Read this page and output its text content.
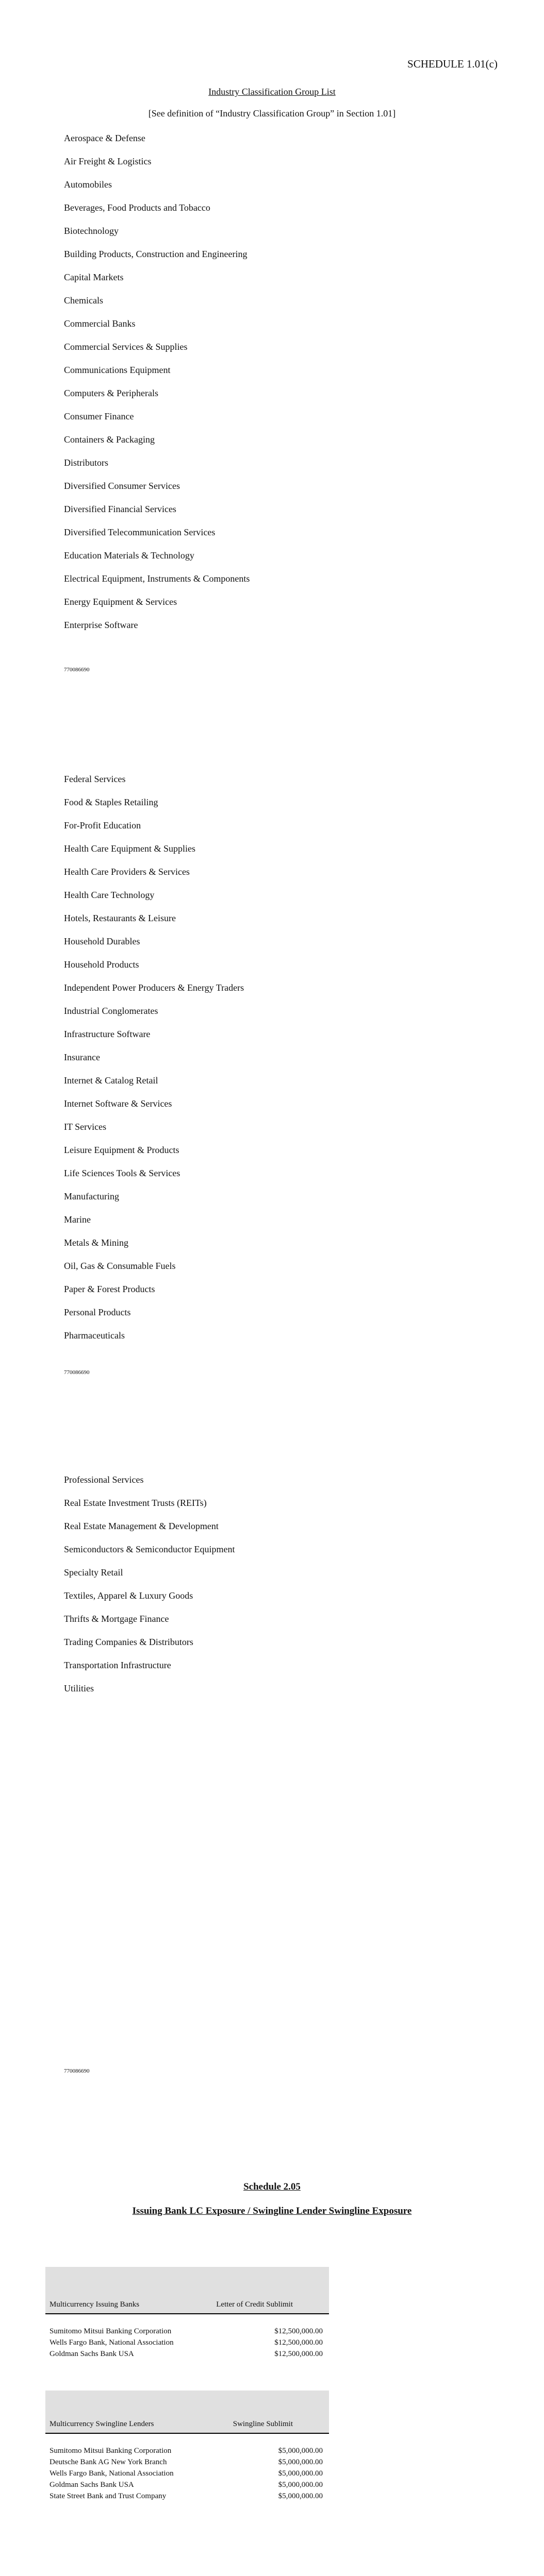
SCHEDULE 1.01(c)
Industry Classification Group List
[See definition of “Industry Classification Group” in Section 1.01]
Aerospace & Defense
Air Freight & Logistics
Automobiles
Beverages, Food Products and Tobacco
Biotechnology
Building Products, Construction and Engineering
Capital Markets
Chemicals
Commercial Banks
Commercial Services & Supplies
Communications Equipment
Computers & Peripherals
Consumer Finance
Containers & Packaging
Distributors
Diversified Consumer Services
Diversified Financial Services
Diversified Telecommunication Services
Education Materials & Technology
Electrical Equipment, Instruments & Components
Energy Equipment & Services
Enterprise Software
770086690
Federal Services
Food & Staples Retailing
For-Profit Education
Health Care Equipment & Supplies
Health Care Providers & Services
Health Care Technology
Hotels, Restaurants & Leisure
Household Durables
Household Products
Independent Power Producers & Energy Traders
Industrial Conglomerates
Infrastructure Software
Insurance
Internet & Catalog Retail
Internet Software & Services
IT Services
Leisure Equipment & Products
Life Sciences Tools & Services
Manufacturing
Marine
Metals & Mining
Oil, Gas & Consumable Fuels
Paper & Forest Products
Personal Products
Pharmaceuticals
770086690
Professional Services
Real Estate Investment Trusts (REITs)
Real Estate Management & Development
Semiconductors & Semiconductor Equipment
Specialty Retail
Textiles, Apparel & Luxury Goods
Thrifts & Mortgage Finance
Trading Companies & Distributors
Transportation Infrastructure
Utilities
770086690
Schedule 2.05
Issuing Bank LC Exposure / Swingline Lender Swingline Exposure
Multicurrency Issuing Banks	Letter of Credit Sublimit
Sumitomo Mitsui Banking Corporation	$12,500,000.00
Wells Fargo Bank, National Association	$12,500,000.00
Goldman Sachs Bank USA	$12,500,000.00
Multicurrency Swingline Lenders	Swingline Sublimit
Sumitomo Mitsui Banking Corporation	$5,000,000.00
Deutsche Bank AG New York Branch	$5,000,000.00
Wells Fargo Bank, National Association	$5,000,000.00
Goldman Sachs Bank USA	$5,000,000.00
State Street Bank and Trust Company	$5,000,000.00
